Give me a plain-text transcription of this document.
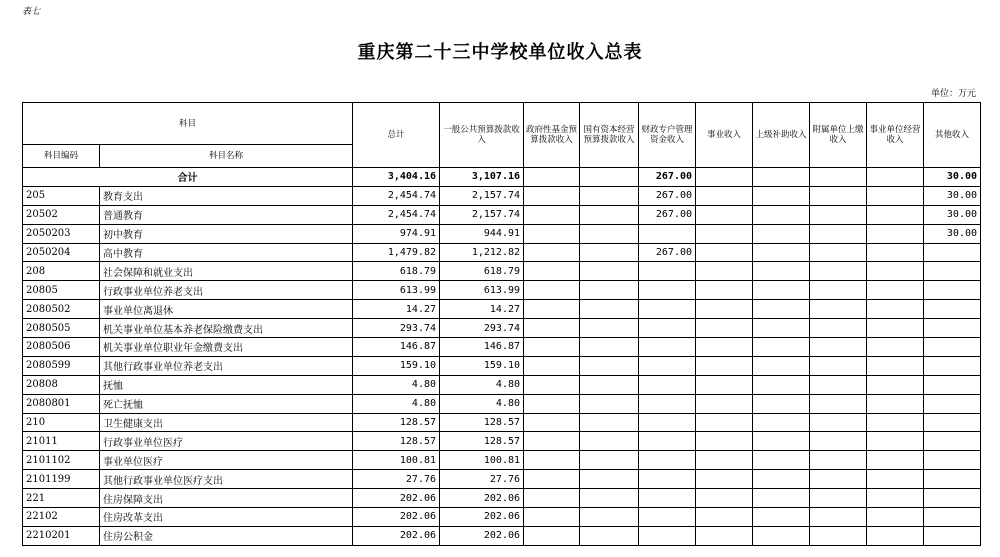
表七
重庆第二十三中学校单位收入总表
单位：万元
科目		总计	一般公共预算拨款收入	政府性基金预算拨款收入	国有资本经营预算拨款收入	财政专户管理资金收入	事业收入	上级补助收入	附属单位上缴收入	事业单位经营收入	其他收入
科目编码	科目名称										
合计		3,404.16	3,107.16			267.00					30.00
205	教育支出	2,454.74	2,157.74			267.00					30.00
20502	普通教育	2,454.74	2,157.74			267.00					30.00
2050203	初中教育	974.91	944.91								30.00
2050204	高中教育	1,479.82	1,212.82			267.00					
208	社会保障和就业支出	618.79	618.79								
20805	行政事业单位养老支出	613.99	613.99								
2080502	事业单位离退休	14.27	14.27								
2080505	机关事业单位基本养老保险缴费支出	293.74	293.74								
2080506	机关事业单位职业年金缴费支出	146.87	146.87								
2080599	其他行政事业单位养老支出	159.10	159.10								
20808	抚恤	4.80	4.80								
2080801	死亡抚恤	4.80	4.80								
210	卫生健康支出	128.57	128.57								
21011	行政事业单位医疗	128.57	128.57								
2101102	事业单位医疗	100.81	100.81								
2101199	其他行政事业单位医疗支出	27.76	27.76								
221	住房保障支出	202.06	202.06								
22102	住房改革支出	202.06	202.06								
2210201	住房公积金	202.06	202.06								
